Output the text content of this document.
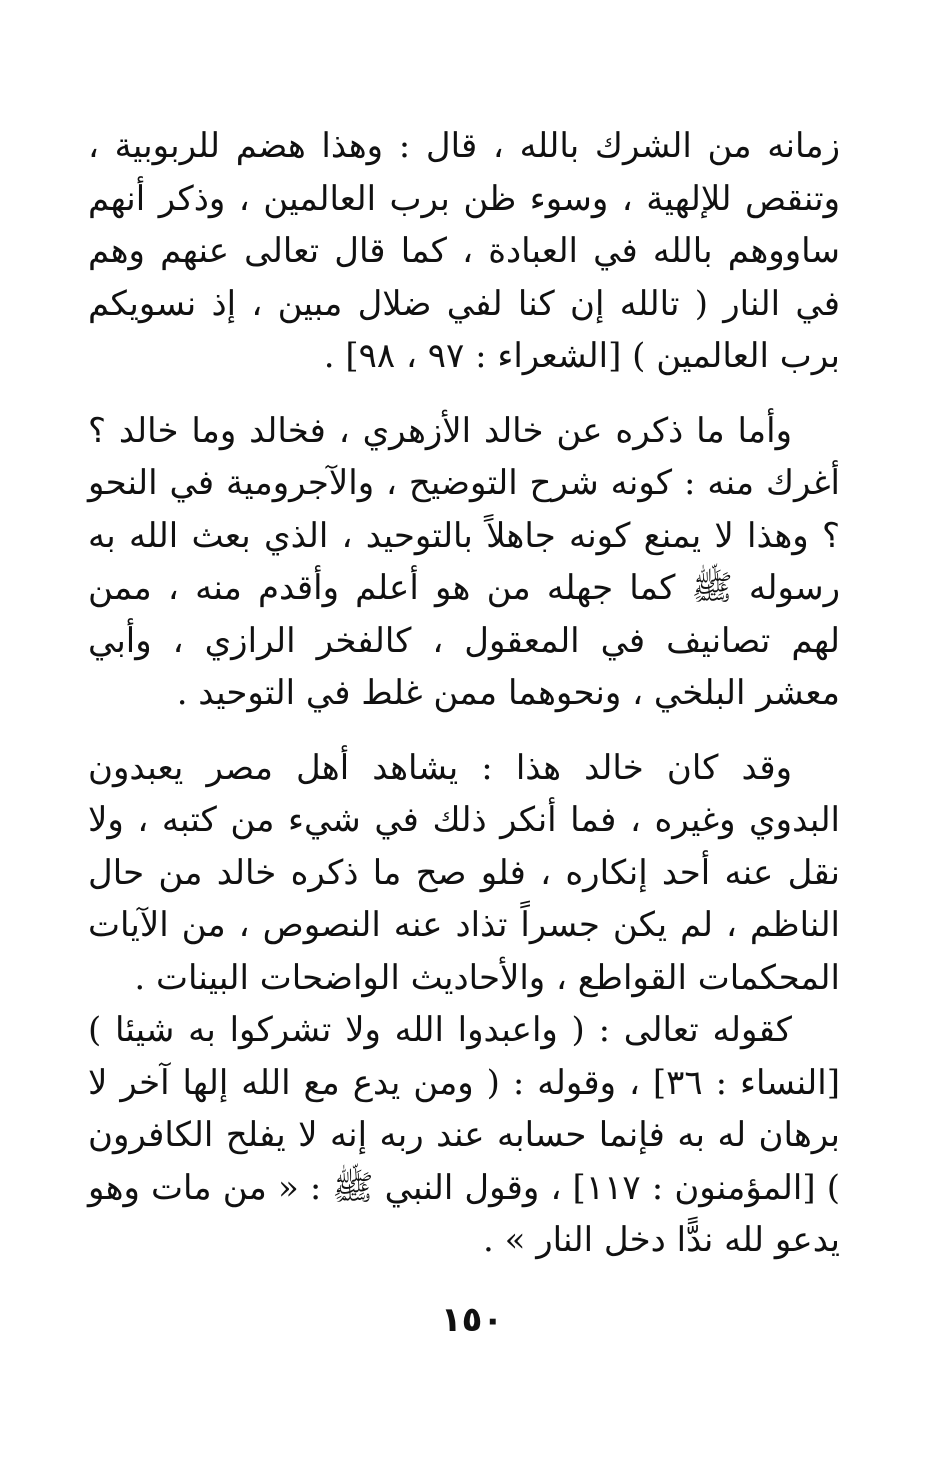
زمانه من الشرك بالله ، قال : وهذا هضم للربوبية ، وتنقص للإلهية ، وسوء ظن برب العالمين ، وذكر أنهم ساووهم بالله في العبادة ، كما قال تعالى عنهم وهم في النار ( تالله إن كنا لفي ضلال مبين ، إذ نسويكم برب العالمين ) [الشعراء : ٩٧ ، ٩٨] .

وأما ما ذكره عن خالد الأزهري ، فخالد وما خالد ؟ أغرك منه : كونه شرح التوضيح ، والآجرومية في النحو ؟ وهذا لا يمنع كونه جاهلاً بالتوحيد ، الذي بعث الله به رسوله ﷺ كما جهله من هو أعلم وأقدم منه ، ممن لهم تصانيف في المعقول ، كالفخر الرازي ، وأبي معشر البلخي ، ونحوهما ممن غلط في التوحيد .

وقد كان خالد هذا : يشاهد أهل مصر يعبدون البدوي وغيره ، فما أنكر ذلك في شيء من كتبه ، ولا نقل عنه أحد إنكاره ، فلو صح ما ذكره خالد من حال الناظم ، لم يكن جسراً تذاد عنه النصوص ، من الآيات المحكمات القواطع ، والأحاديث الواضحات البينات .

كقوله تعالى : ( واعبدوا الله ولا تشركوا به شيئا ) [النساء : ٣٦] ، وقوله : ( ومن يدع مع الله إلها آخر لا برهان له به فإنما حسابه عند ربه إنه لا يفلح الكافرون ) [المؤمنون : ١١٧] ، وقول النبي ﷺ : « من مات وهو يدعو لله ندًّا دخل النار » .

١٥٠
